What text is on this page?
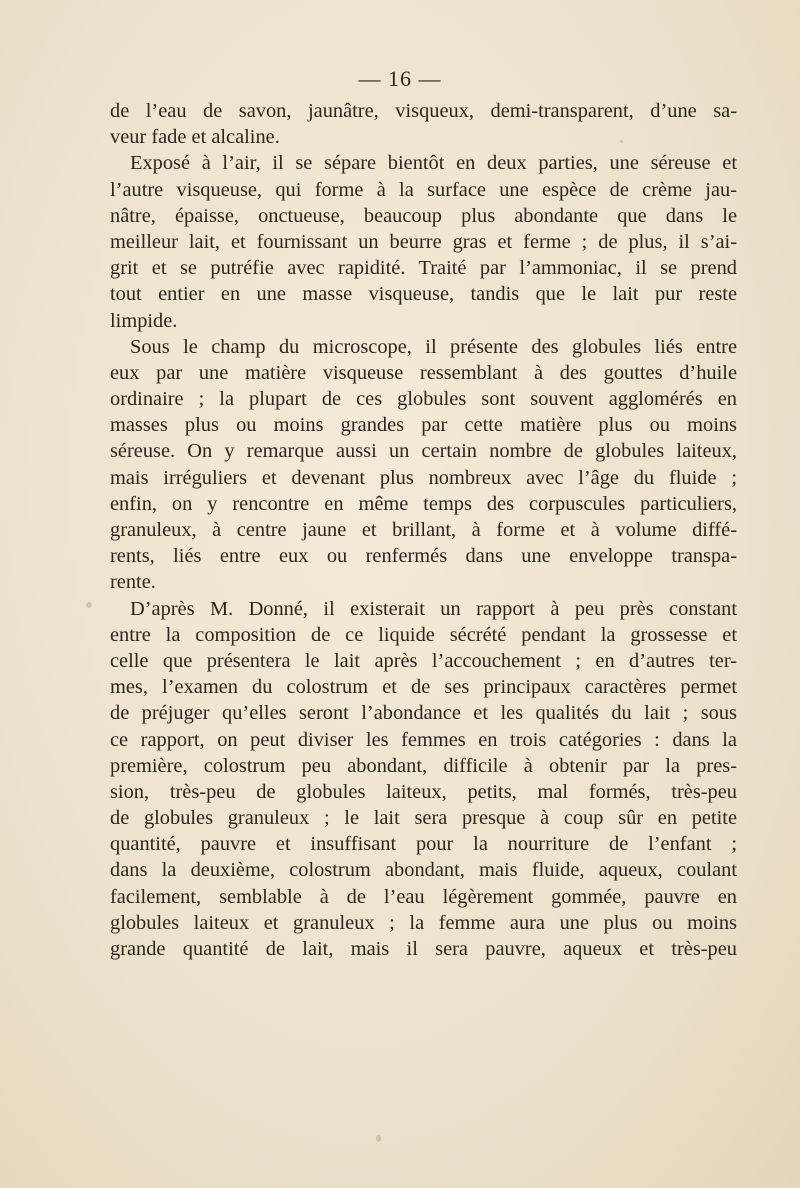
— 16 —
de l’eau de savon, jaunâtre, visqueux, demi-transparent, d’une sa-
veur fade et alcaline.
Exposé à l’air, il se sépare bientôt en deux parties, une séreuse et
l’autre visqueuse, qui forme à la surface une espèce de crème jau-
nâtre, épaisse, onctueuse, beaucoup plus abondante que dans le
meilleur lait, et fournissant un beurre gras et ferme ; de plus, il s’ai-
grit et se putréfie avec rapidité. Traité par l’ammoniac, il se prend
tout entier en une masse visqueuse, tandis que le lait pur reste
limpide.
Sous le champ du microscope, il présente des globules liés entre
eux par une matière visqueuse ressemblant à des gouttes d’huile
ordinaire ; la plupart de ces globules sont souvent agglomérés en
masses plus ou moins grandes par cette matière plus ou moins
séreuse. On y remarque aussi un certain nombre de globules laiteux,
mais irréguliers et devenant plus nombreux avec l’âge du fluide ;
enfin, on y rencontre en même temps des corpuscules particuliers,
granuleux, à centre jaune et brillant, à forme et à volume diffé-
rents, liés entre eux ou renfermés dans une enveloppe transpa-
rente.
D’après M. Donné, il existerait un rapport à peu près constant
entre la composition de ce liquide sécrété pendant la grossesse et
celle que présentera le lait après l’accouchement ; en d’autres ter-
mes, l’examen du colostrum et de ses principaux caractères permet
de préjuger qu’elles seront l’abondance et les qualités du lait ; sous
ce rapport, on peut diviser les femmes en trois catégories : dans la
première, colostrum peu abondant, difficile à obtenir par la pres-
sion, très-peu de globules laiteux, petits, mal formés, très-peu
de globules granuleux ; le lait sera presque à coup sûr en petite
quantité, pauvre et insuffisant pour la nourriture de l’enfant ;
dans la deuxième, colostrum abondant, mais fluide, aqueux, coulant
facilement, semblable à de l’eau légèrement gommée, pauvre en
globules laiteux et granuleux ; la femme aura une plus ou moins
grande quantité de lait, mais il sera pauvre, aqueux et très-peu
